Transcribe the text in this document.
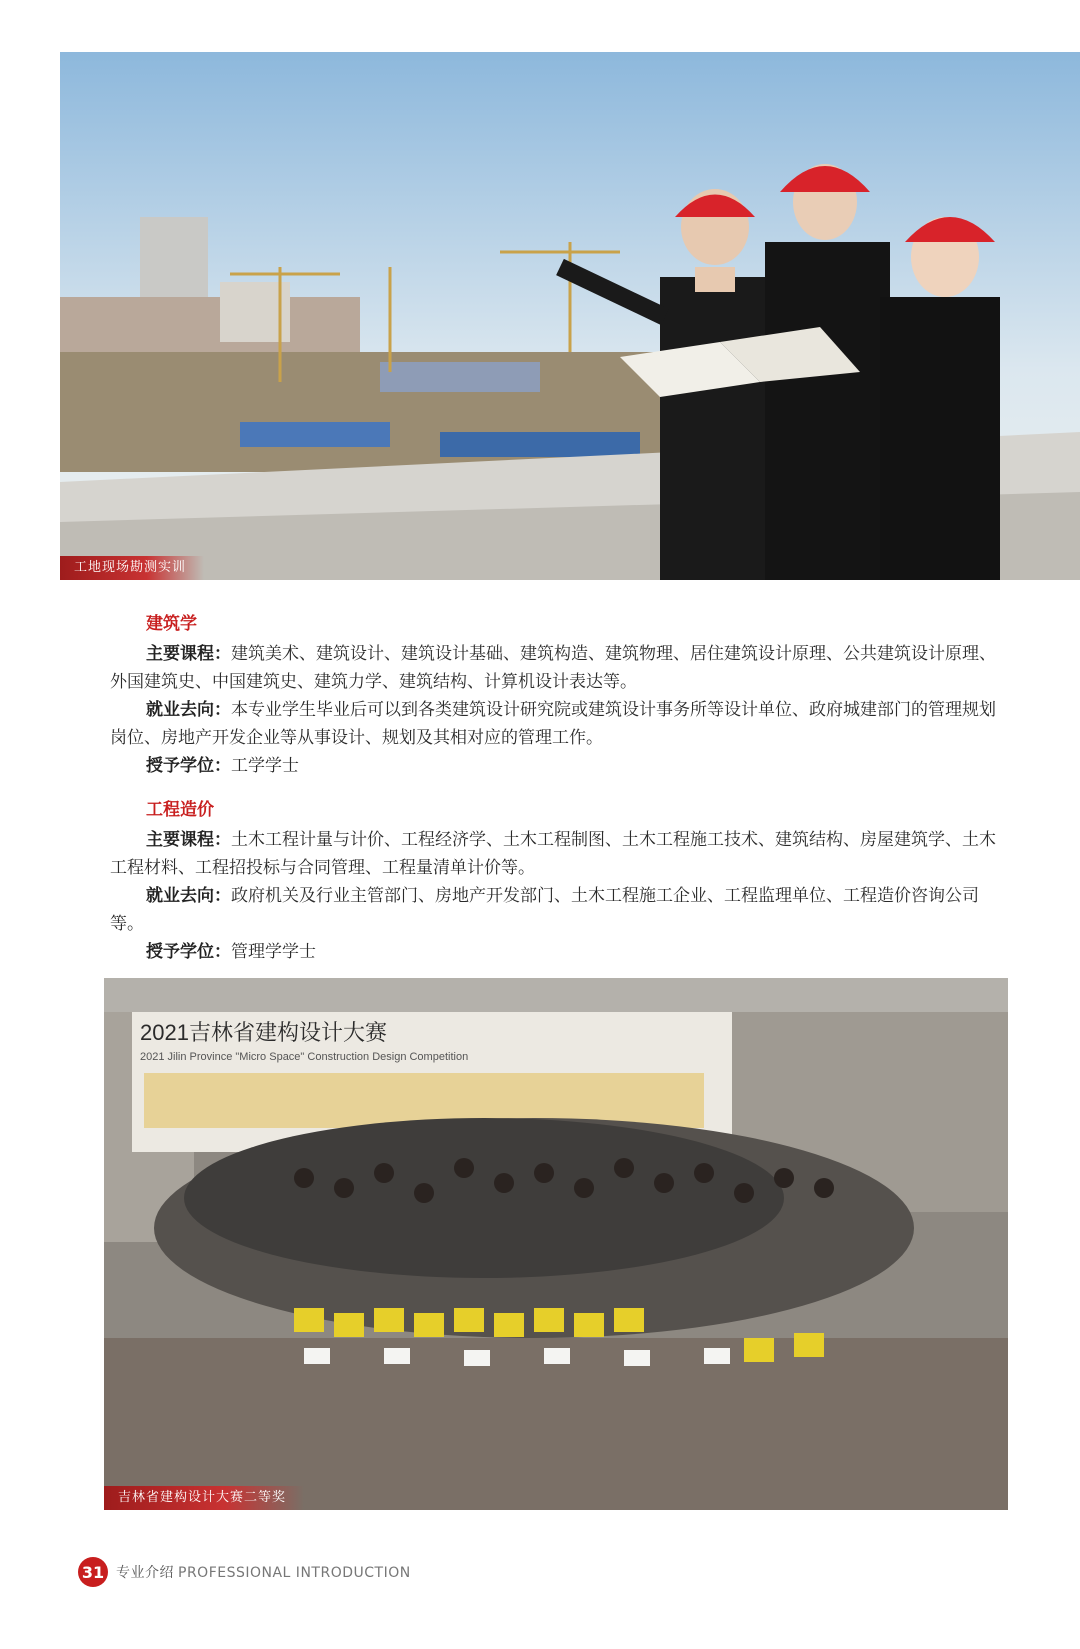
工地现场勘测实训
建筑学

主要课程：建筑美术、建筑设计、建筑设计基础、建筑构造、建筑物理、居住建筑设计原理、公共建筑设计原理、外国建筑史、中国建筑史、建筑力学、建筑结构、计算机设计表达等。

就业去向：本专业学生毕业后可以到各类建筑设计研究院或建筑设计事务所等设计单位、政府城建部门的管理规划岗位、房地产开发企业等从事设计、规划及其相对应的管理工作。

授予学位：工学学士
工程造价

主要课程：土木工程计量与计价、工程经济学、土木工程制图、土木工程施工技术、建筑结构、房屋建筑学、土木工程材料、工程招投标与合同管理、工程量清单计价等。

就业去向：政府机关及行业主管部门、房地产开发部门、土木工程施工企业、工程监理单位、工程造价咨询公司等。

授予学位：管理学学士
2021吉林省建构设计大赛
2021 Jilin Province "Micro Space" Construction Design Competition
吉林省建构设计大赛二等奖
31 专业介绍 PROFESSIONAL INTRODUCTION
